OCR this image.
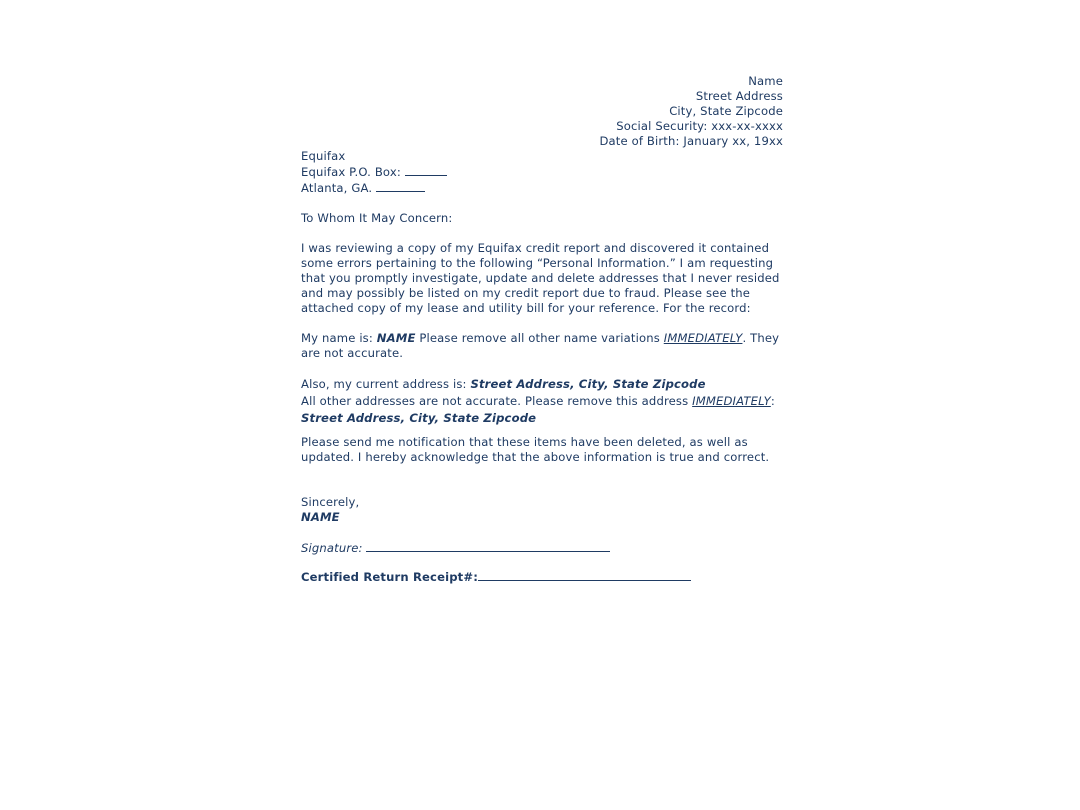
Name
Street Address
City, State Zipcode
Social Security: xxx-xx-xxxx
Date of Birth: January xx, 19xx
Equifax
Equifax P.O. Box:
Atlanta, GA.
To Whom It May Concern:
I was reviewing a copy of my Equifax credit report and discovered it contained some errors pertaining to the following “Personal Information.” I am requesting that you promptly investigate, update and delete addresses that I never resided and may possibly be listed on my credit report due to fraud. Please see the attached copy of my lease and utility bill for your reference. For the record:
My name is: NAME Please remove all other name variations IMMEDIATELY. They are not accurate.
Also, my current address is: Street Address, City, State Zipcode
All other addresses are not accurate. Please remove this address IMMEDIATELY:
Street Address, City, State Zipcode
Please send me notification that these items have been deleted, as well as updated. I hereby acknowledge that the above information is true and correct.
Sincerely,
NAME
Signature:
Certified Return Receipt#:
